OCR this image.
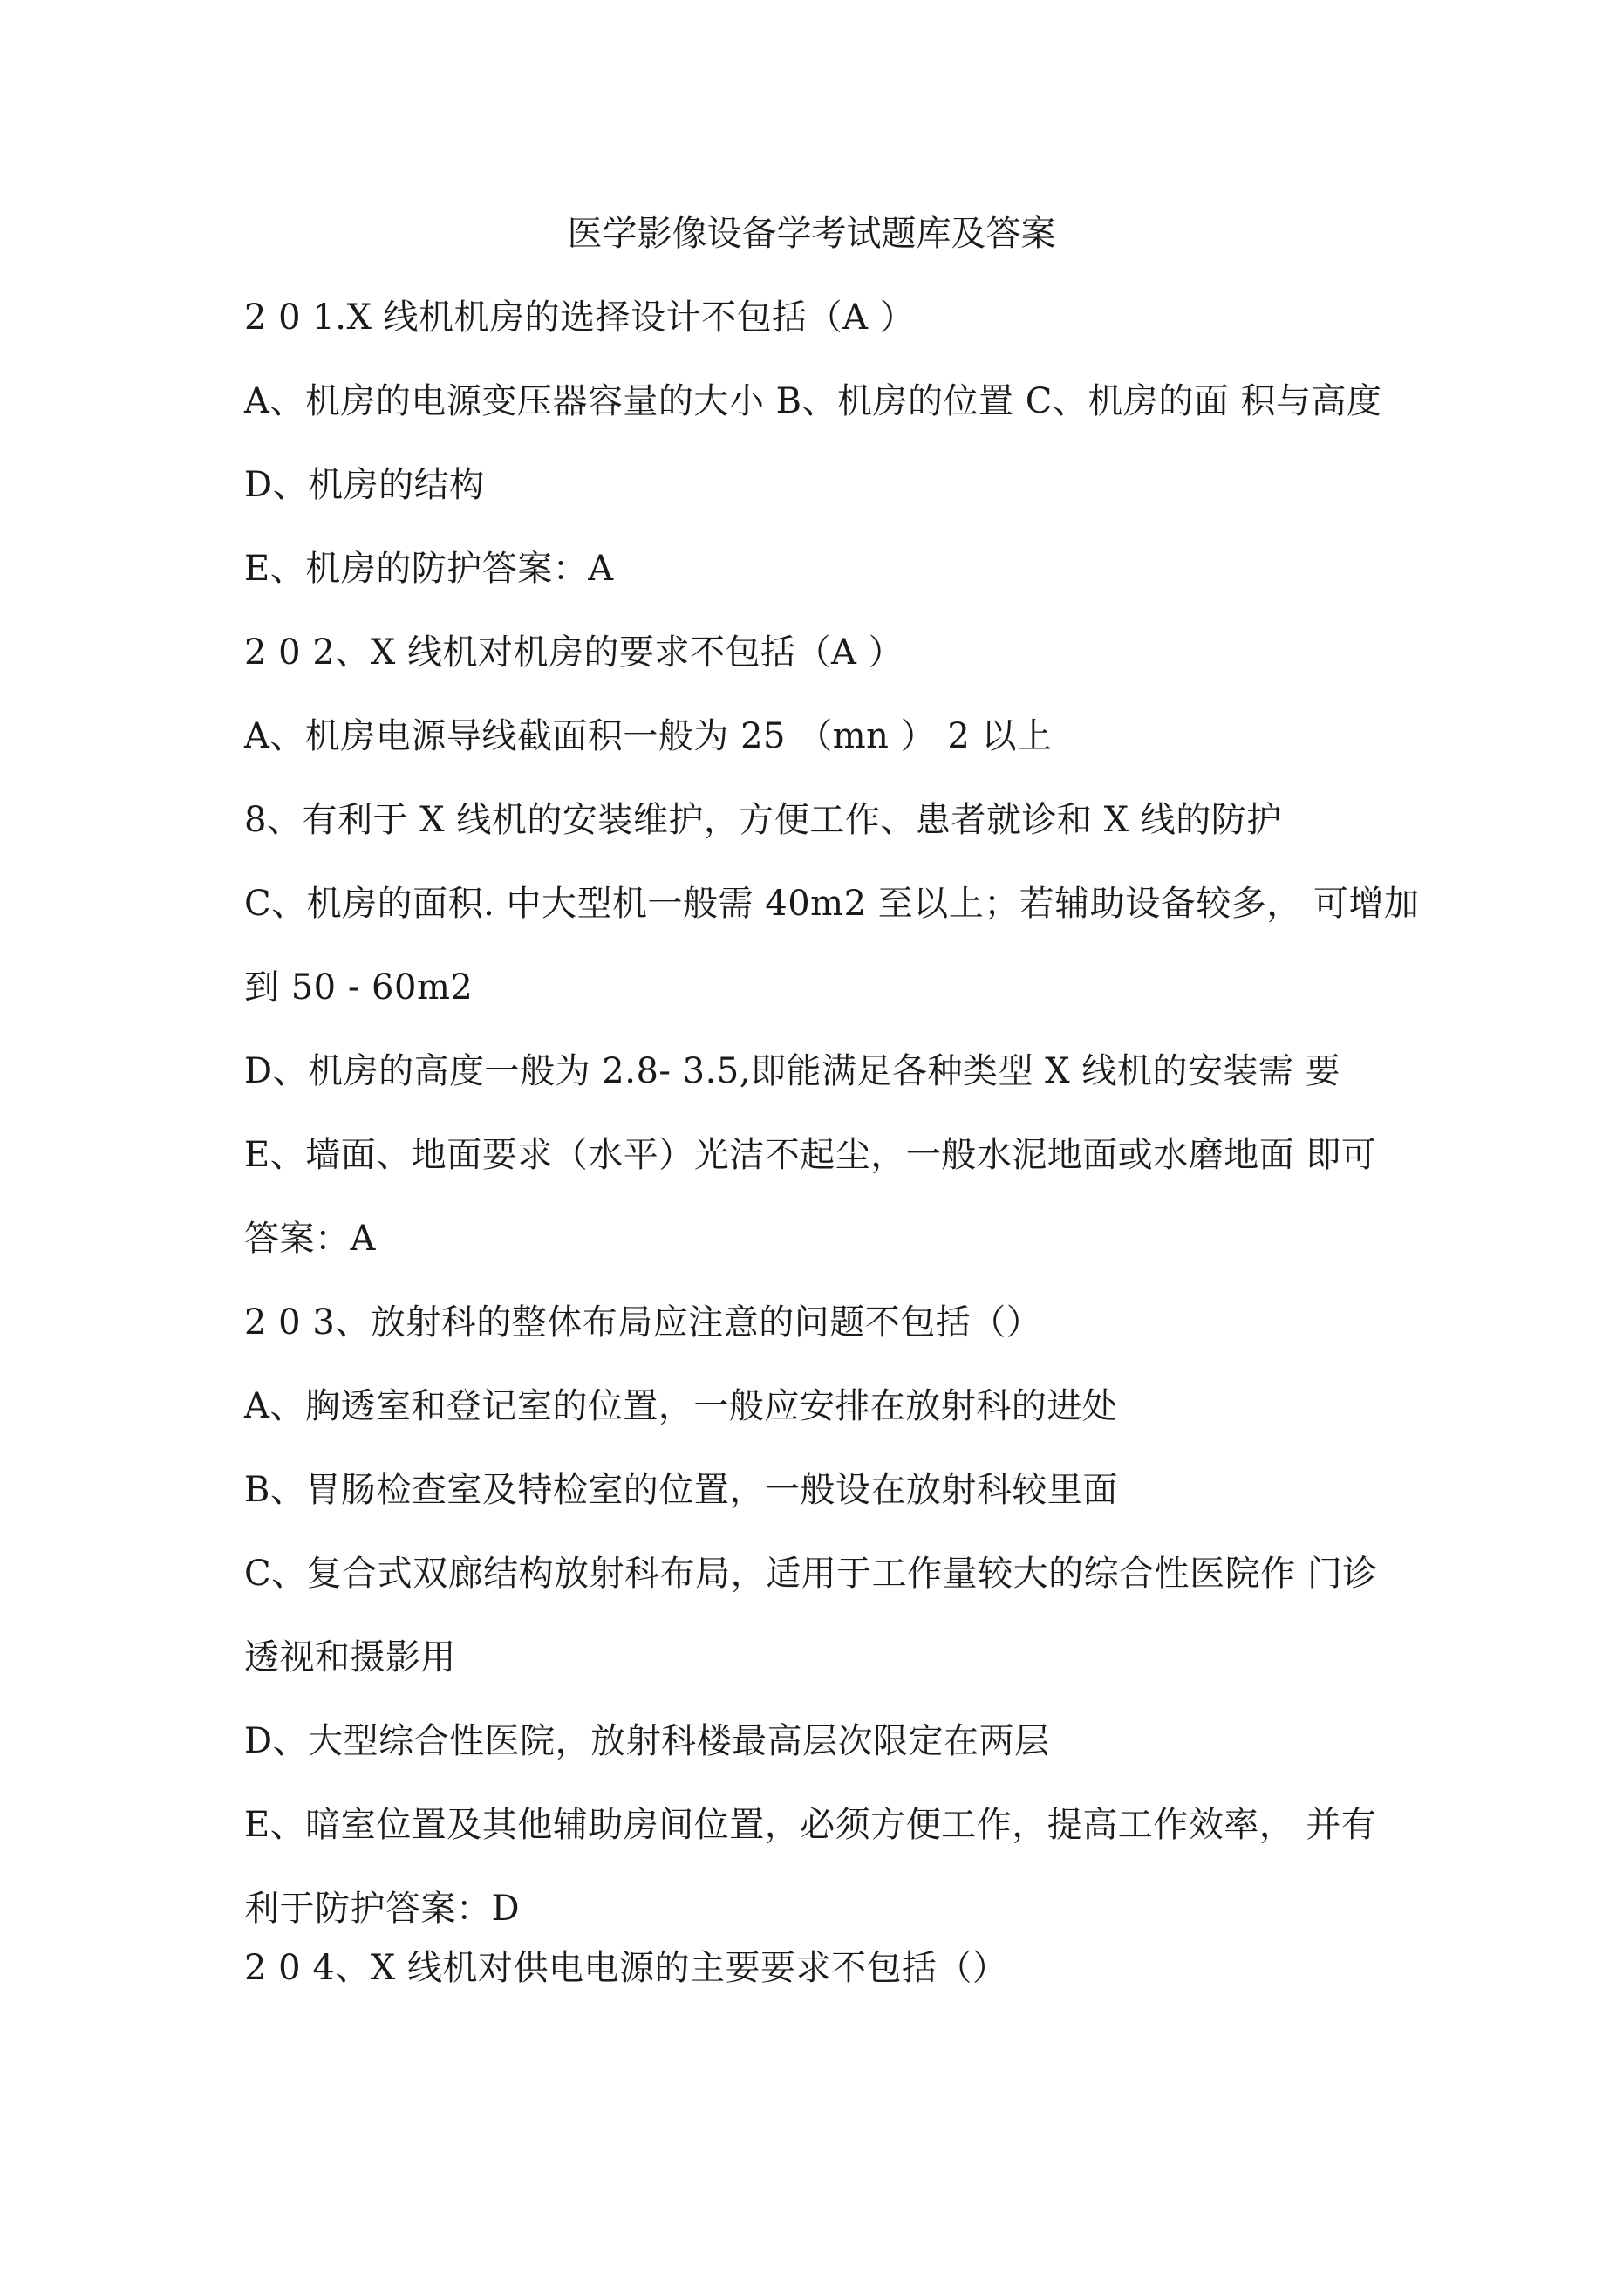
医学影像设备学考试题库及答案
2 0 1.X 线机机房的选择设计不包括（A ）
A、机房的电源变压器容量的大小 B、机房的位置 C、机房的面 积与高度
D、机房的结构
E、机房的防护答案：A
2 0 2、X 线机对机房的要求不包括（A ）
A、机房电源导线截面积一般为 25 （mn ） 2 以上
8、有利于 X 线机的安装维护，方便工作、患者就诊和 X 线的防护
C、机房的面积. 中大型机一般需 40m2 至以上；若辅助设备较多， 可增加
到 50 - 60m2
D、机房的高度一般为 2.8- 3.5,即能满足各种类型 X 线机的安装需 要
E、墙面、地面要求（水平）光洁不起尘，一般水泥地面或水磨地面 即可
答案：A
2 0 3、放射科的整体布局应注意的问题不包括（）
A、胸透室和登记室的位置，一般应安排在放射科的进处
B、胃肠检查室及特检室的位置，一般设在放射科较里面
C、复合式双廊结构放射科布局，适用于工作量较大的综合性医院作 门诊
透视和摄影用
D、大型综合性医院，放射科楼最高层次限定在两层
E、暗室位置及其他辅助房间位置，必须方便工作，提高工作效率， 并有
利于防护答案：D
2 0 4、X 线机对供电电源的主要要求不包括（）
